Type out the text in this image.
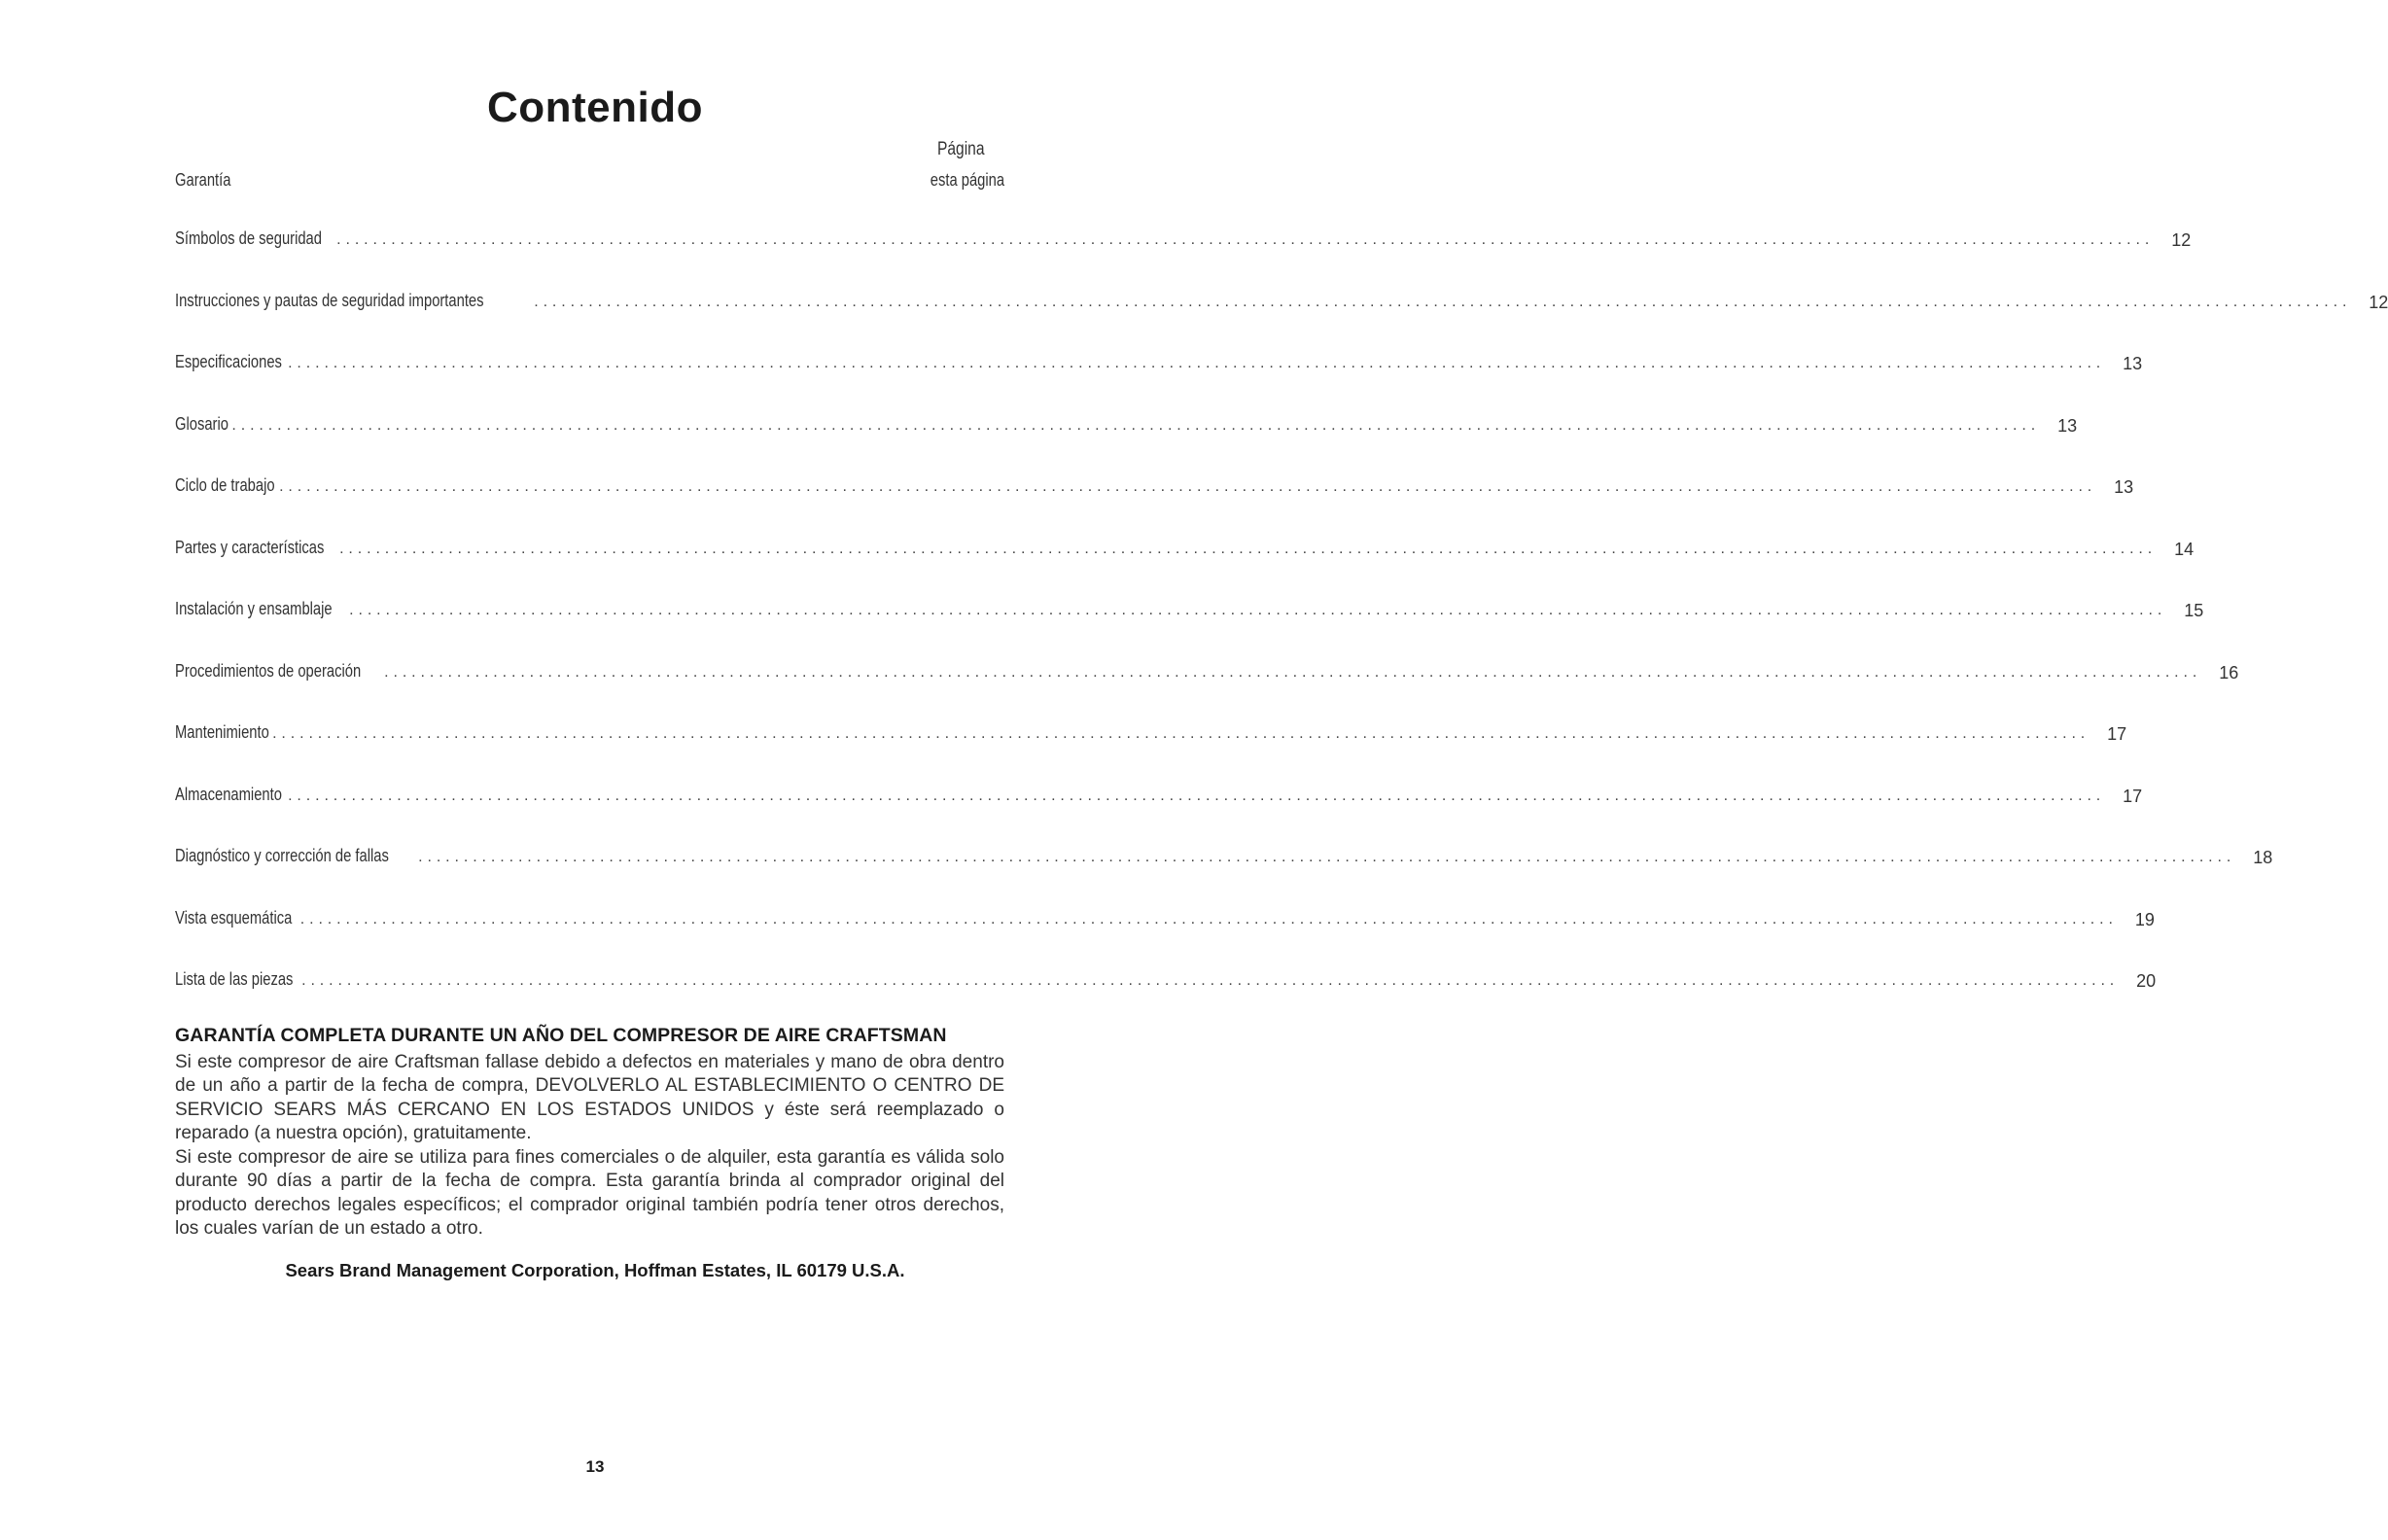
Contenido
Página
Garantía	esta página
Símbolos de seguridad ........................................................................................................................................................................................................ 12
Instrucciones y pautas de seguridad importantes	........................................................................................................................................................................................................ 12
Especificaciones ........................................................................................................................................................................................................ 13
Glosario
........................................................................................................................................................................................................ 13
Ciclo de trabajo ........................................................................................................................................................................................................ 13
Partes y características ........................................................................................................................................................................................................ 14
Instalación y ensamblaje ........................................................................................................................................................................................................ 15
Procedimientos de operación ........................................................................................................................................................................................................ 16
Mantenimiento ........................................................................................................................................................................................................ 17
Almacenamiento ........................................................................................................................................................................................................ 17
Diagnóstico y corrección de fallas ........................................................................................................................................................................................................ 18
Vista esquemática ........................................................................................................................................................................................................ 19
Lista de las piezas ........................................................................................................................................................................................................ 20
GARANTÍA COMPLETA DURANTE UN AÑO DEL COMPRESOR DE AIRE CRAFTSMAN
Si este compresor de aire Craftsman fallase debido a defectos en materiales y mano de obra dentro de un año a partir de la fecha de compra, DEVOLVERLO AL ESTABLECIMIENTO O CENTRO DE SERVICIO SEARS MÁS CERCANO EN LOS ESTADOS UNIDOS y éste será reemplazado o reparado (a nuestra opción), gratuitamente.
Si este compresor de aire se utiliza para fines comerciales o de alquiler, esta garantía es válida solo durante 90 días a partir de la fecha de compra. Esta garantía brinda al comprador original del producto derechos legales específicos; el comprador original también podría tener otros derechos, los cuales varían de un estado a otro.
Sears Brand Management Corporation, Hoffman Estates, IL 60179 U.S.A.
13
